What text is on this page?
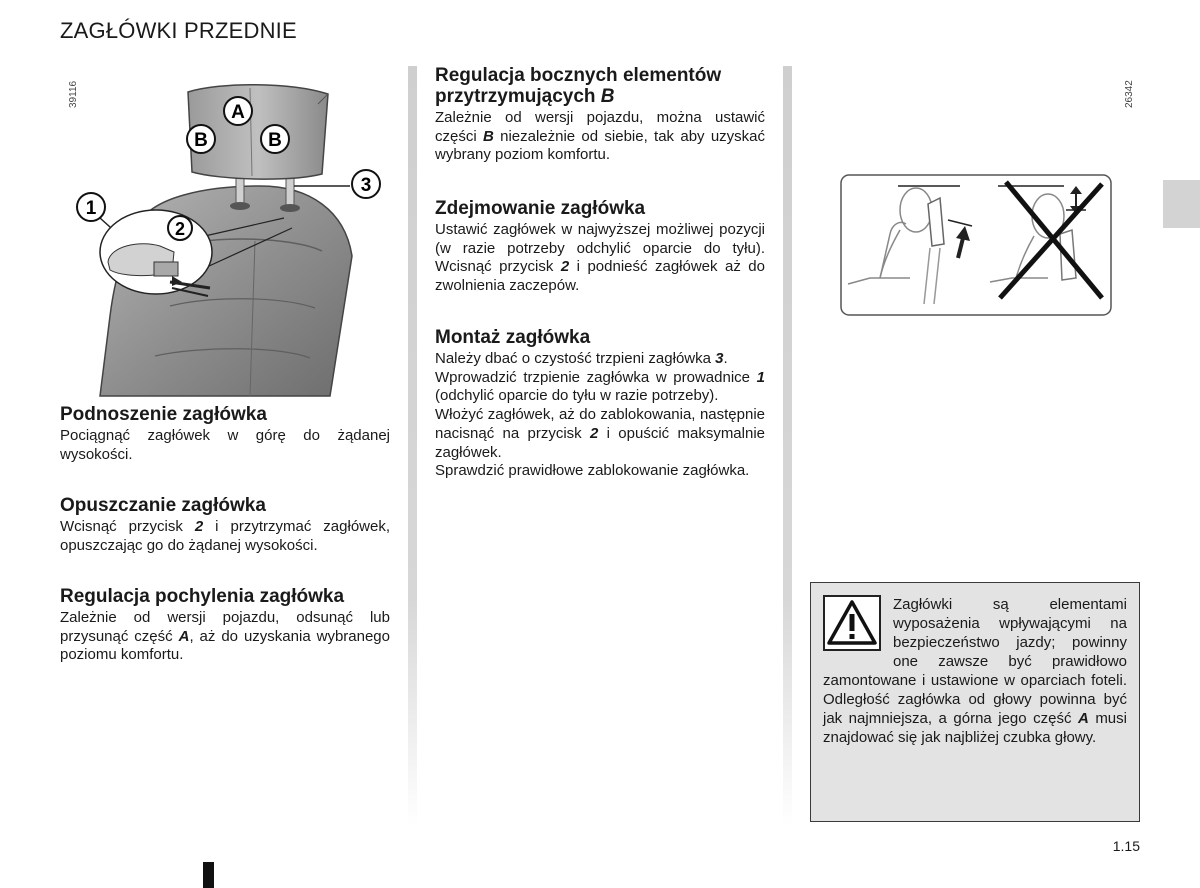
ZAGŁÓWKI PRZEDNIE
39116	26342
A
B	B
1
2
3
Podnoszenie zagłówka

Pociągnąć zagłówek w górę do żądanej wysokości.

Opuszczanie zagłówka

Wcisnąć przycisk 2 i przytrzymać zagłówek, opuszczając go do żądanej wysokości.

Regulacja pochylenia zagłówka

Zależnie od wersji pojazdu, odsunąć lub przysunąć część A, aż do uzyskania wybranego poziomu komfortu.

Regulacja bocznych elementów przytrzymujących B

Zależnie od wersji pojazdu, można ustawić części B niezależnie od siebie, tak aby uzyskać wybrany poziom komfortu.

Zdejmowanie zagłówka

Ustawić zagłówek w najwyższej możliwej pozycji (w razie potrzeby odchylić oparcie do tyłu). Wcisnąć przycisk 2 i podnieść zagłówek aż do zwolnienia zaczepów.

Montaż zagłówka

Należy dbać o czystość trzpieni zagłówka 3.

Wprowadzić trzpienie zagłówka w prowadnice 1 (odchylić oparcie do tyłu w razie potrzeby).

Włożyć zagłówek, aż do zablokowania, następnie nacisnąć na przycisk 2 i opuścić maksymalnie zagłówek.

Sprawdzić prawidłowe zablokowanie zagłówka.

Zagłówki są elementami wyposażenia wpływającymi na bezpieczeństwo jazdy; powinny one zawsze być prawidłowo zamontowane i ustawione w oparciach foteli. Odległość zagłówka od głowy powinna być jak najmniejsza, a górna jego część A musi znajdować się jak najbliżej czubka głowy.
1.15
